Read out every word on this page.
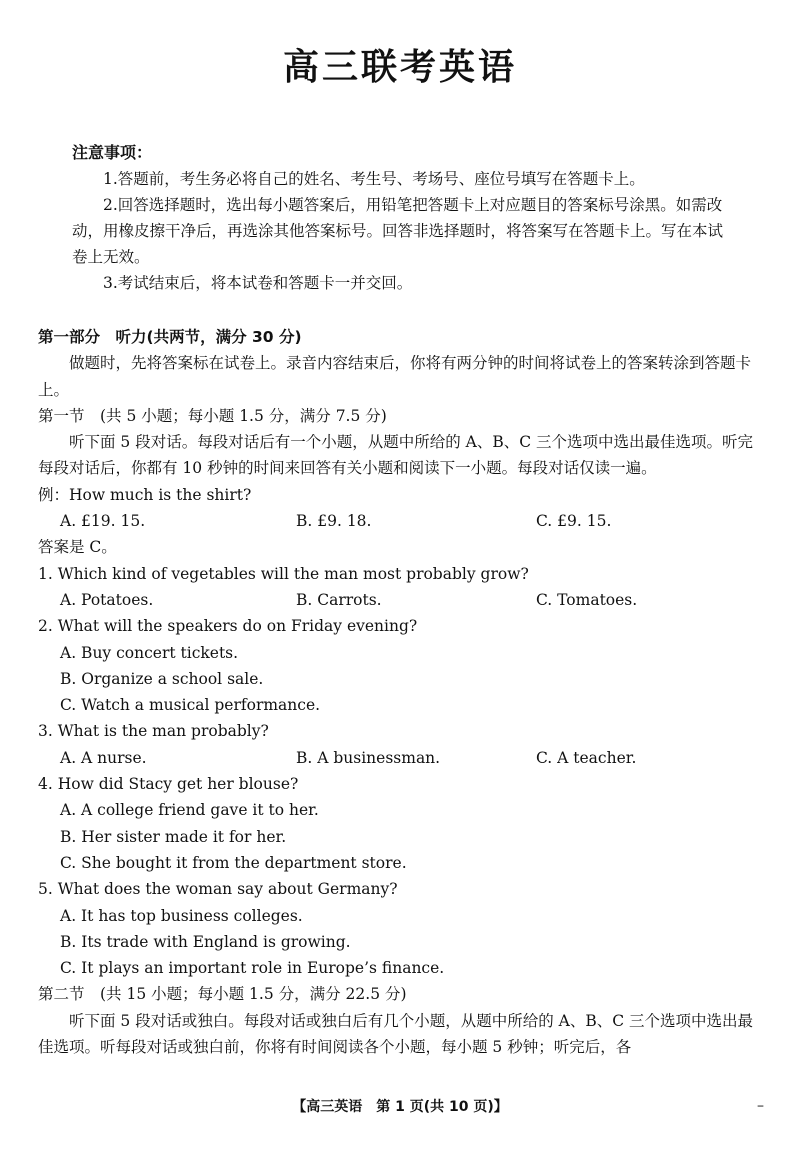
高三联考英语
注意事项：

1.答题前，考生务必将自己的姓名、考生号、考场号、座位号填写在答题卡上。

2.回答选择题时，选出每小题答案后，用铅笔把答题卡上对应题目的答案标号涂黑。如需改动，用橡皮擦干净后，再选涂其他答案标号。回答非选择题时，将答案写在答题卡上。写在本试卷上无效。

3.考试结束后，将本试卷和答题卡一并交回。

第一部分　听力(共两节，满分 30 分)

做题时，先将答案标在试卷上。录音内容结束后，你将有两分钟的时间将试卷上的答案转涂到答题卡上。

第一节　(共 5 小题；每小题 1.5 分，满分 7.5 分)

听下面 5 段对话。每段对话后有一个小题，从题中所给的 A、B、C 三个选项中选出最佳选项。听完每段对话后，你都有 10 秒钟的时间来回答有关小题和阅读下一小题。每段对话仅读一遍。

例：How much is the shirt?

A. £19. 15.	B. £9. 18.	C. £9. 15.

答案是 C。

1. Which kind of vegetables will the man most probably grow?

A. Potatoes.	B. Carrots.	C. Tomatoes.

2. What will the speakers do on Friday evening?

A. Buy concert tickets.
B. Organize a school sale.
C. Watch a musical performance.

3. What is the man probably?

A. A nurse.	B. A businessman.	C. A teacher.

4. How did Stacy get her blouse?

A. A college friend gave it to her.
B. Her sister made it for her.
C. She bought it from the department store.

5. What does the woman say about Germany?

A. It has top business colleges.
B. Its trade with England is growing.
C. It plays an important role in Europe’s finance.

第二节　(共 15 小题；每小题 1.5 分，满分 22.5 分)

听下面 5 段对话或独白。每段对话或独白后有几个小题，从题中所给的 A、B、C 三个选项中选出最佳选项。听每段对话或独白前，你将有时间阅读各个小题，每小题 5 秒钟；听完后，各

【高三英语　第 1 页(共 10 页)】	–
